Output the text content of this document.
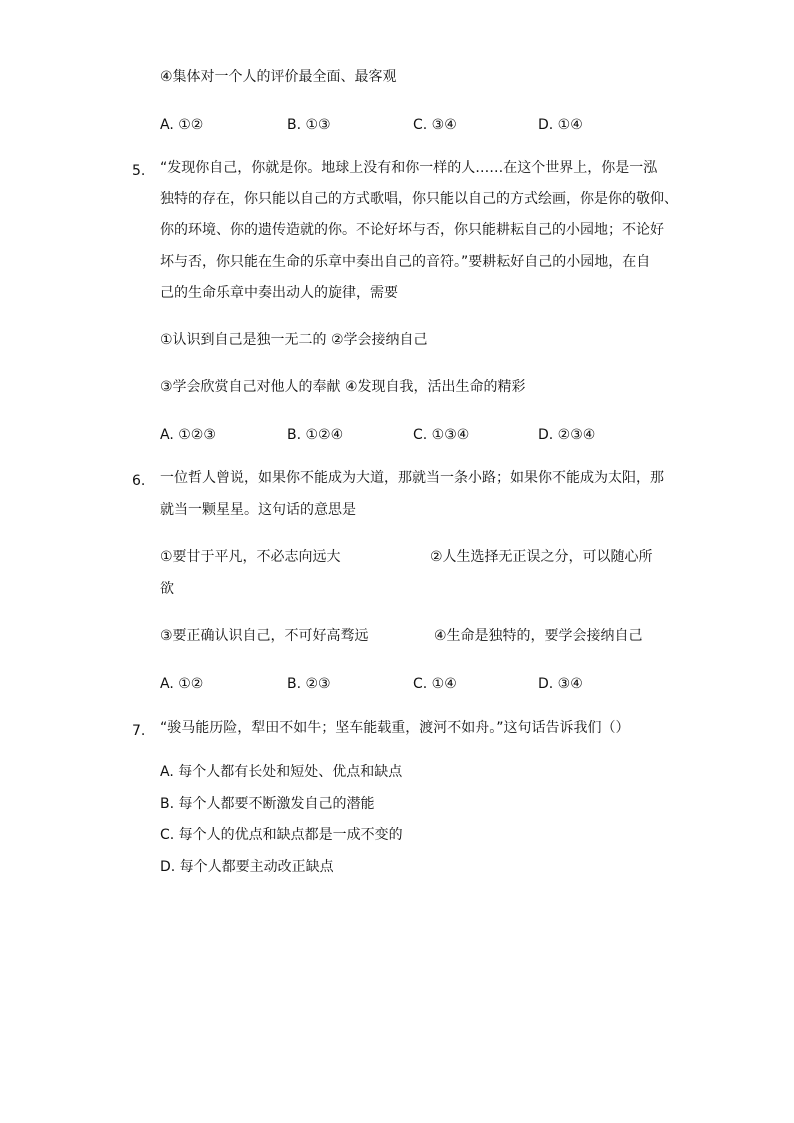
④集体对一个人的评价最全面、最客观
A. ①②	B. ①③	C. ③④	D. ①④
5. “发现你自己，你就是你。地球上没有和你一样的人……在这个世界上，你是一泓
独特的存在，你只能以自己的方式歌唱，你只能以自己的方式绘画，你是你的敬仰、
你的环境、你的遗传造就的你。不论好坏与否，你只能耕耘自己的小园地；不论好
坏与否，你只能在生命的乐章中奏出自己的音符。”要耕耘好自己的小园地，在自
己的生命乐章中奏出动人的旋律，需要
①认识到自己是独一无二的 ②学会接纳自己
③学会欣赏自己对他人的奉献 ④发现自我，活出生命的精彩
A. ①②③	B. ①②④	C. ①③④	D. ②③④
6. 一位哲人曾说，如果你不能成为大道，那就当一条小路；如果你不能成为太阳，那
就当一颗星星。这句话的意思是
①要甘于平凡，不必志向远大	②人生选择无正误之分，可以随心所
欲
③要正确认识自己，不可好高骛远	④生命是独特的，要学会接纳自己
A. ①②	B. ②③	C. ①④	D. ③④
7. “骏马能历险，犁田不如牛；坚车能载重，渡河不如舟。”这句话告诉我们（）
A. 每个人都有长处和短处、优点和缺点
B. 每个人都要不断激发自己的潜能
C. 每个人的优点和缺点都是一成不变的
D. 每个人都要主动改正缺点
